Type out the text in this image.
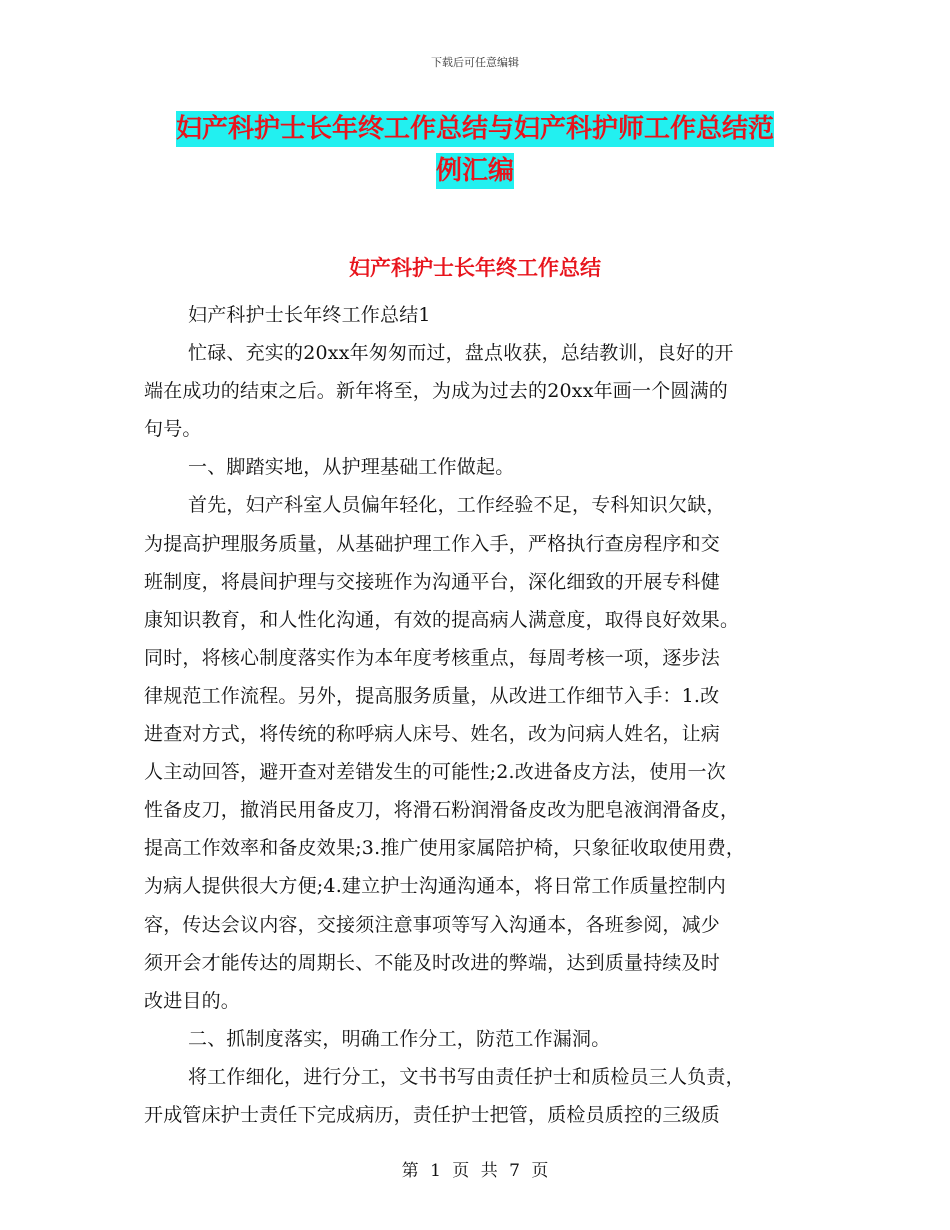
下载后可任意编辑
妇产科护士长年终工作总结与妇产科护师工作总结范
例汇编
妇产科护士长年终工作总结

妇产科护士长年终工作总结1

忙碌、充实的20xx年匆匆而过，盘点收获，总结教训，良好的开

端在成功的结束之后。新年将至，为成为过去的20xx年画一个圆满的

句号。

一、脚踏实地，从护理基础工作做起。

首先，妇产科室人员偏年轻化，工作经验不足，专科知识欠缺，

为提高护理服务质量，从基础护理工作入手，严格执行查房程序和交

班制度，将晨间护理与交接班作为沟通平台，深化细致的开展专科健

康知识教育，和人性化沟通，有效的提高病人满意度，取得良好效果。

同时，将核心制度落实作为本年度考核重点，每周考核一项，逐步法

律规范工作流程。另外，提高服务质量，从改进工作细节入手：1.改

进查对方式，将传统的称呼病人床号、姓名，改为问病人姓名，让病

人主动回答，避开查对差错发生的可能性;2.改进备皮方法，使用一次

性备皮刀，撤消民用备皮刀，将滑石粉润滑备皮改为肥皂液润滑备皮，

提高工作效率和备皮效果;3.推广使用家属陪护椅，只象征收取使用费，

为病人提供很大方便;4.建立护士沟通沟通本，将日常工作质量控制内

容，传达会议内容，交接须注意事项等写入沟通本，各班参阅，减少

须开会才能传达的周期长、不能及时改进的弊端，达到质量持续及时

改进目的。

二、抓制度落实，明确工作分工，防范工作漏洞。

将工作细化，进行分工，文书书写由责任护士和质检员三人负责，

开成管床护士责任下完成病历，责任护士把管，质检员质控的三级质

第 1 页 共 7 页
